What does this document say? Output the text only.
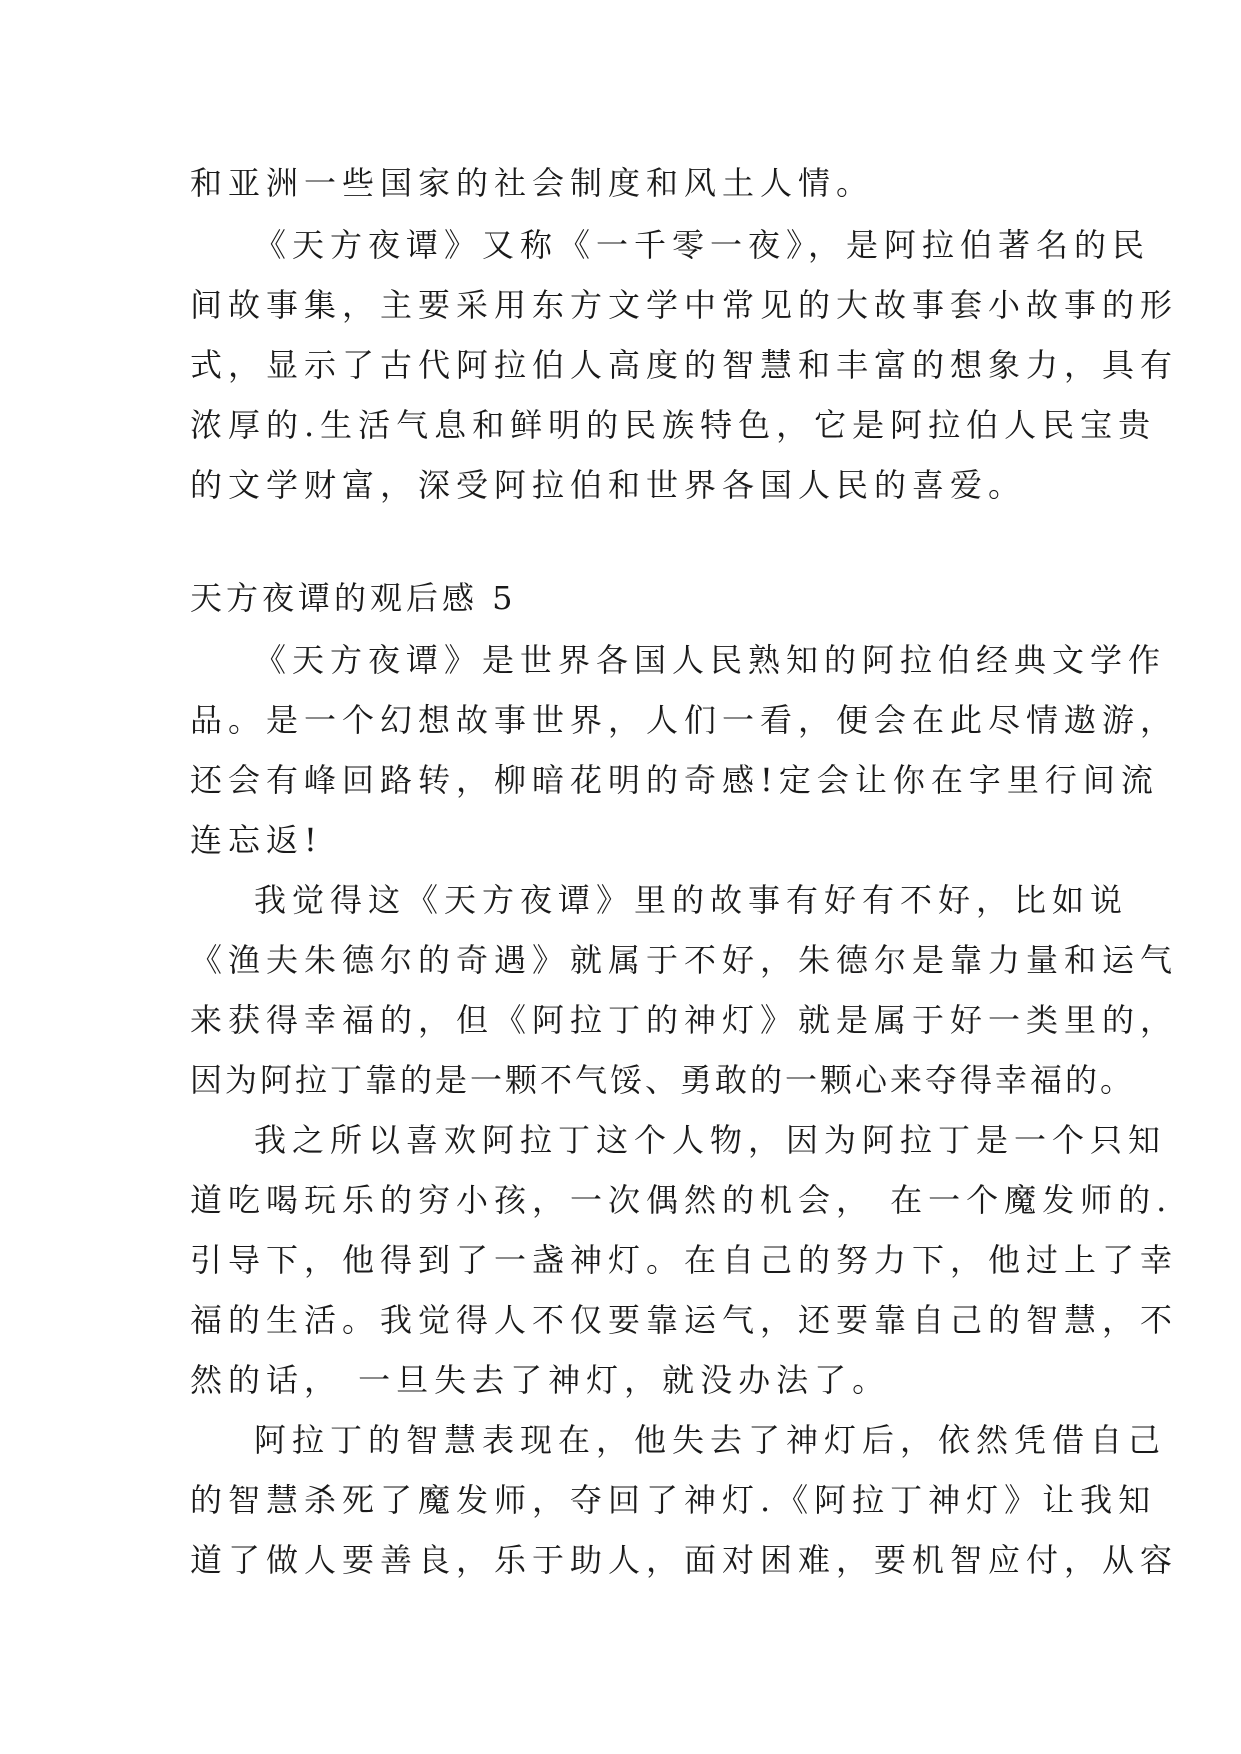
和亚洲一些国家的社会制度和风土人情。
《天方夜谭》又称《一千零一夜》，是阿拉伯著名的民
间故事集，主要采用东方文学中常见的大故事套小故事的形
式，显示了古代阿拉伯人高度的智慧和丰富的想象力，具有
浓厚的.生活气息和鲜明的民族特色，它是阿拉伯人民宝贵
的文学财富，深受阿拉伯和世界各国人民的喜爱。
天方夜谭的观后感 5
《天方夜谭》是世界各国人民熟知的阿拉伯经典文学作
品。是一个幻想故事世界，人们一看，便会在此尽情遨游，
还会有峰回路转，柳暗花明的奇感!定会让你在字里行间流
连忘返!
我觉得这《天方夜谭》里的故事有好有不好，比如说
《渔夫朱德尔的奇遇》就属于不好，朱德尔是靠力量和运气
来获得幸福的，但《阿拉丁的神灯》就是属于好一类里的，
因为阿拉丁靠的是一颗不气馁、勇敢的一颗心来夺得幸福的。
我之所以喜欢阿拉丁这个人物，因为阿拉丁是一个只知
道吃喝玩乐的穷小孩，一次偶然的机会， 在一个魔发师的.
引导下，他得到了一盏神灯。在自己的努力下，他过上了幸
福的生活。我觉得人不仅要靠运气，还要靠自己的智慧，不
然的话， 一旦失去了神灯，就没办法了。
阿拉丁的智慧表现在，他失去了神灯后，依然凭借自己
的智慧杀死了魔发师，夺回了神灯.《阿拉丁神灯》让我知
道了做人要善良，乐于助人，面对困难，要机智应付，从容
